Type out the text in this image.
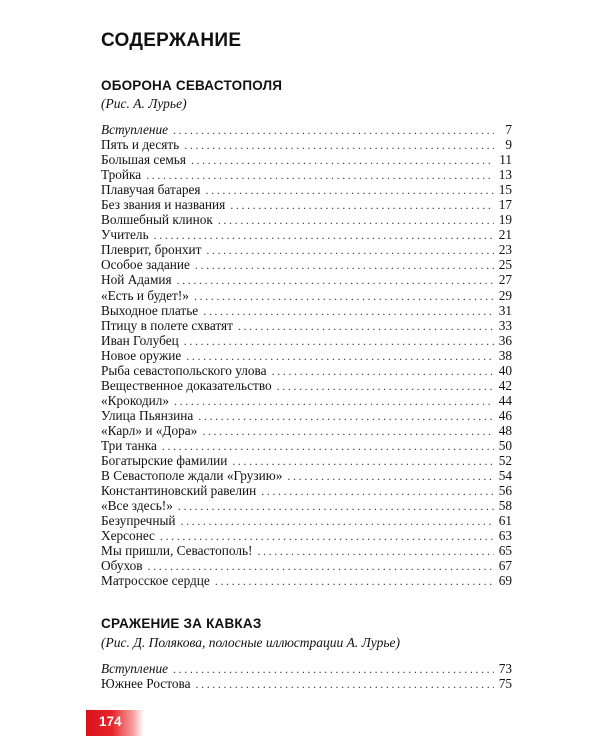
СОДЕРЖАНИЕ
ОБОРОНА СЕВАСТОПОЛЯ
(Рис. А. Лурье)
Вступление . . .	7
Пять и десять . . .	9
Большая семья . . .	11
Тройка . . .	13
Плавучая батарея . . .	15
Без звания и названия . . .	17
Волшебный клинок . . .	19
Учитель . . .	21
Плеврит, бронхит . . .	23
Особое задание . . .	25
Ной Адамия . . .	27
«Есть и будет!» . . .	29
Выходное платье . . .	31
Птицу в полете схватят . . .	33
Иван Голубец . . .	36
Новое оружие . . .	38
Рыба севастопольского улова . . .	40
Вещественное доказательство . . .	42
«Крокодил» . . .	44
Улица Пьянзина . . .	46
«Карл» и «Дора» . . .	48
Три танка . . .	50
Богатырские фамилии . . .	52
В Севастополе ждали «Грузию» . . .	54
Константиновский равелин . . .	56
«Все здесь!» . . .	58
Безупречный . . .	61
Херсонес . . .	63
Мы пришли, Севастополь! . . .	65
Обухов . . .	67
Матросское сердце . . .	69
СРАЖЕНИЕ ЗА КАВКАЗ
(Рис. Д. Полякова, полосные иллюстрации А. Лурье)
Вступление . . .	73
Южнее Ростова . . .	75
174
